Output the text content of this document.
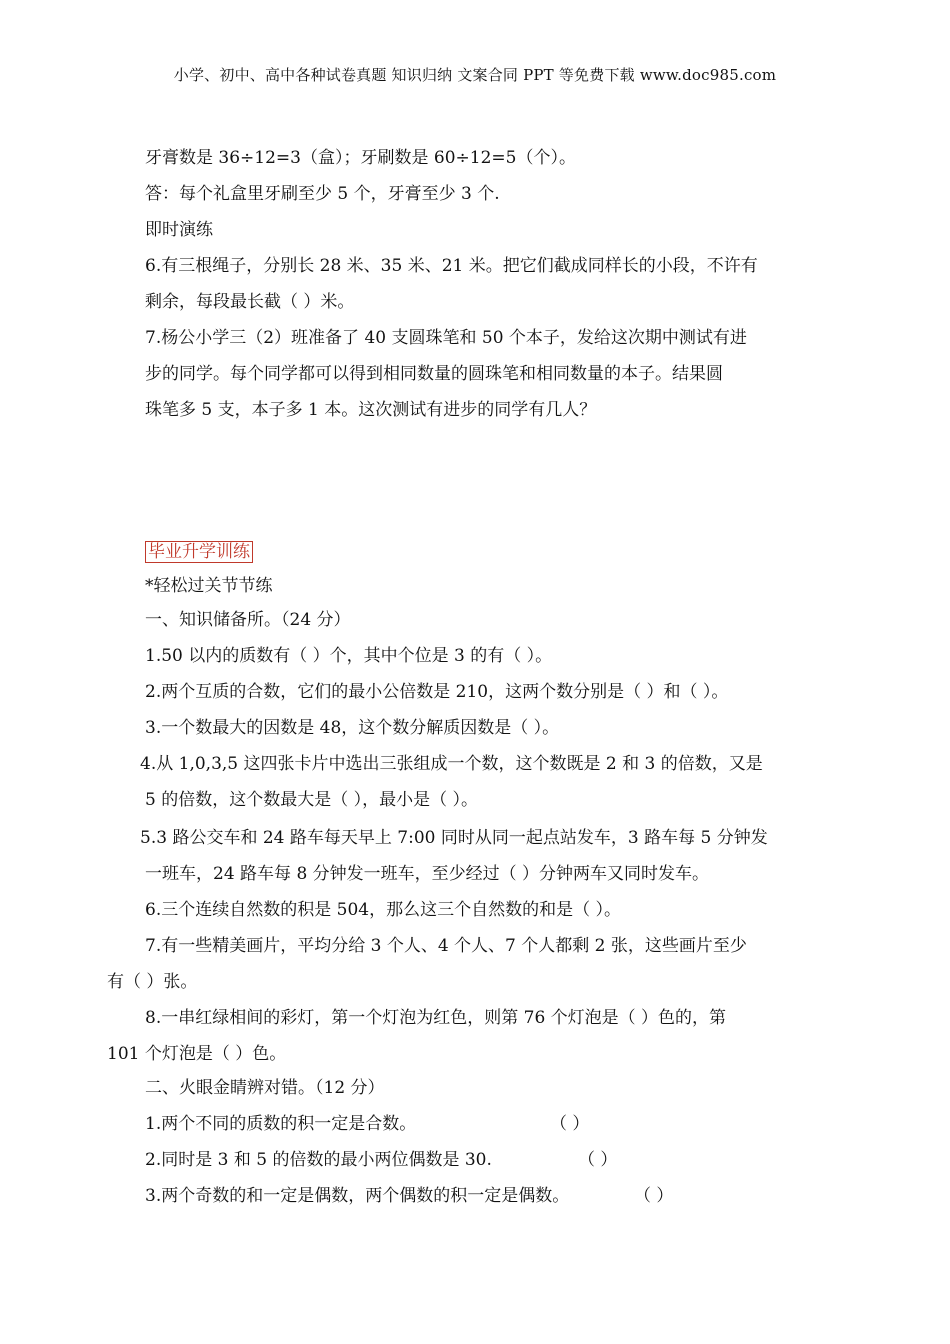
小学、初中、高中各种试卷真题 知识归纳 文案合同 PPT 等免费下载 www.doc985.com
牙膏数是 36÷12=3（盒）；牙刷数是 60÷12=5（个）。
答：每个礼盒里牙刷至少 5 个，牙膏至少 3 个.
即时演练
6.有三根绳子，分别长 28 米、35 米、21 米。把它们截成同样长的小段，不许有
剩余，每段最长截（ ）米。
7.杨公小学三（2）班准备了 40 支圆珠笔和 50 个本子，发给这次期中测试有进
步的同学。每个同学都可以得到相同数量的圆珠笔和相同数量的本子。结果圆
珠笔多 5 支，本子多 1 本。这次测试有进步的同学有几人？
毕业升学训练
*轻松过关节节练
一、知识储备所。（24 分）
1.50 以内的质数有（ ）个，其中个位是 3 的有（ ）。
2.两个互质的合数，它们的最小公倍数是 210，这两个数分别是（ ）和（ ）。
3.一个数最大的因数是 48，这个数分解质因数是（ ）。
4.从 1,0,3,5 这四张卡片中选出三张组成一个数，这个数既是 2 和 3 的倍数，又是
5 的倍数，这个数最大是（ ），最小是（ ）。
5.3 路公交车和 24 路车每天早上 7:00 同时从同一起点站发车，3 路车每 5 分钟发
一班车，24 路车每 8 分钟发一班车，至少经过（ ）分钟两车又同时发车。
6.三个连续自然数的积是 504，那么这三个自然数的和是（ ）。
7.有一些精美画片，平均分给 3 个人、4 个人、7 个人都剩 2 张，这些画片至少
有（ ）张。
8.一串红绿相间的彩灯，第一个灯泡为红色，则第 76 个灯泡是（ ）色的，第
101 个灯泡是（ ）色。
二、火眼金睛辨对错。（12 分）
1.两个不同的质数的积一定是合数。	（ ）
2.同时是 3 和 5 的倍数的最小两位偶数是 30.	（ ）
3.两个奇数的和一定是偶数，两个偶数的积一定是偶数。	（ ）
